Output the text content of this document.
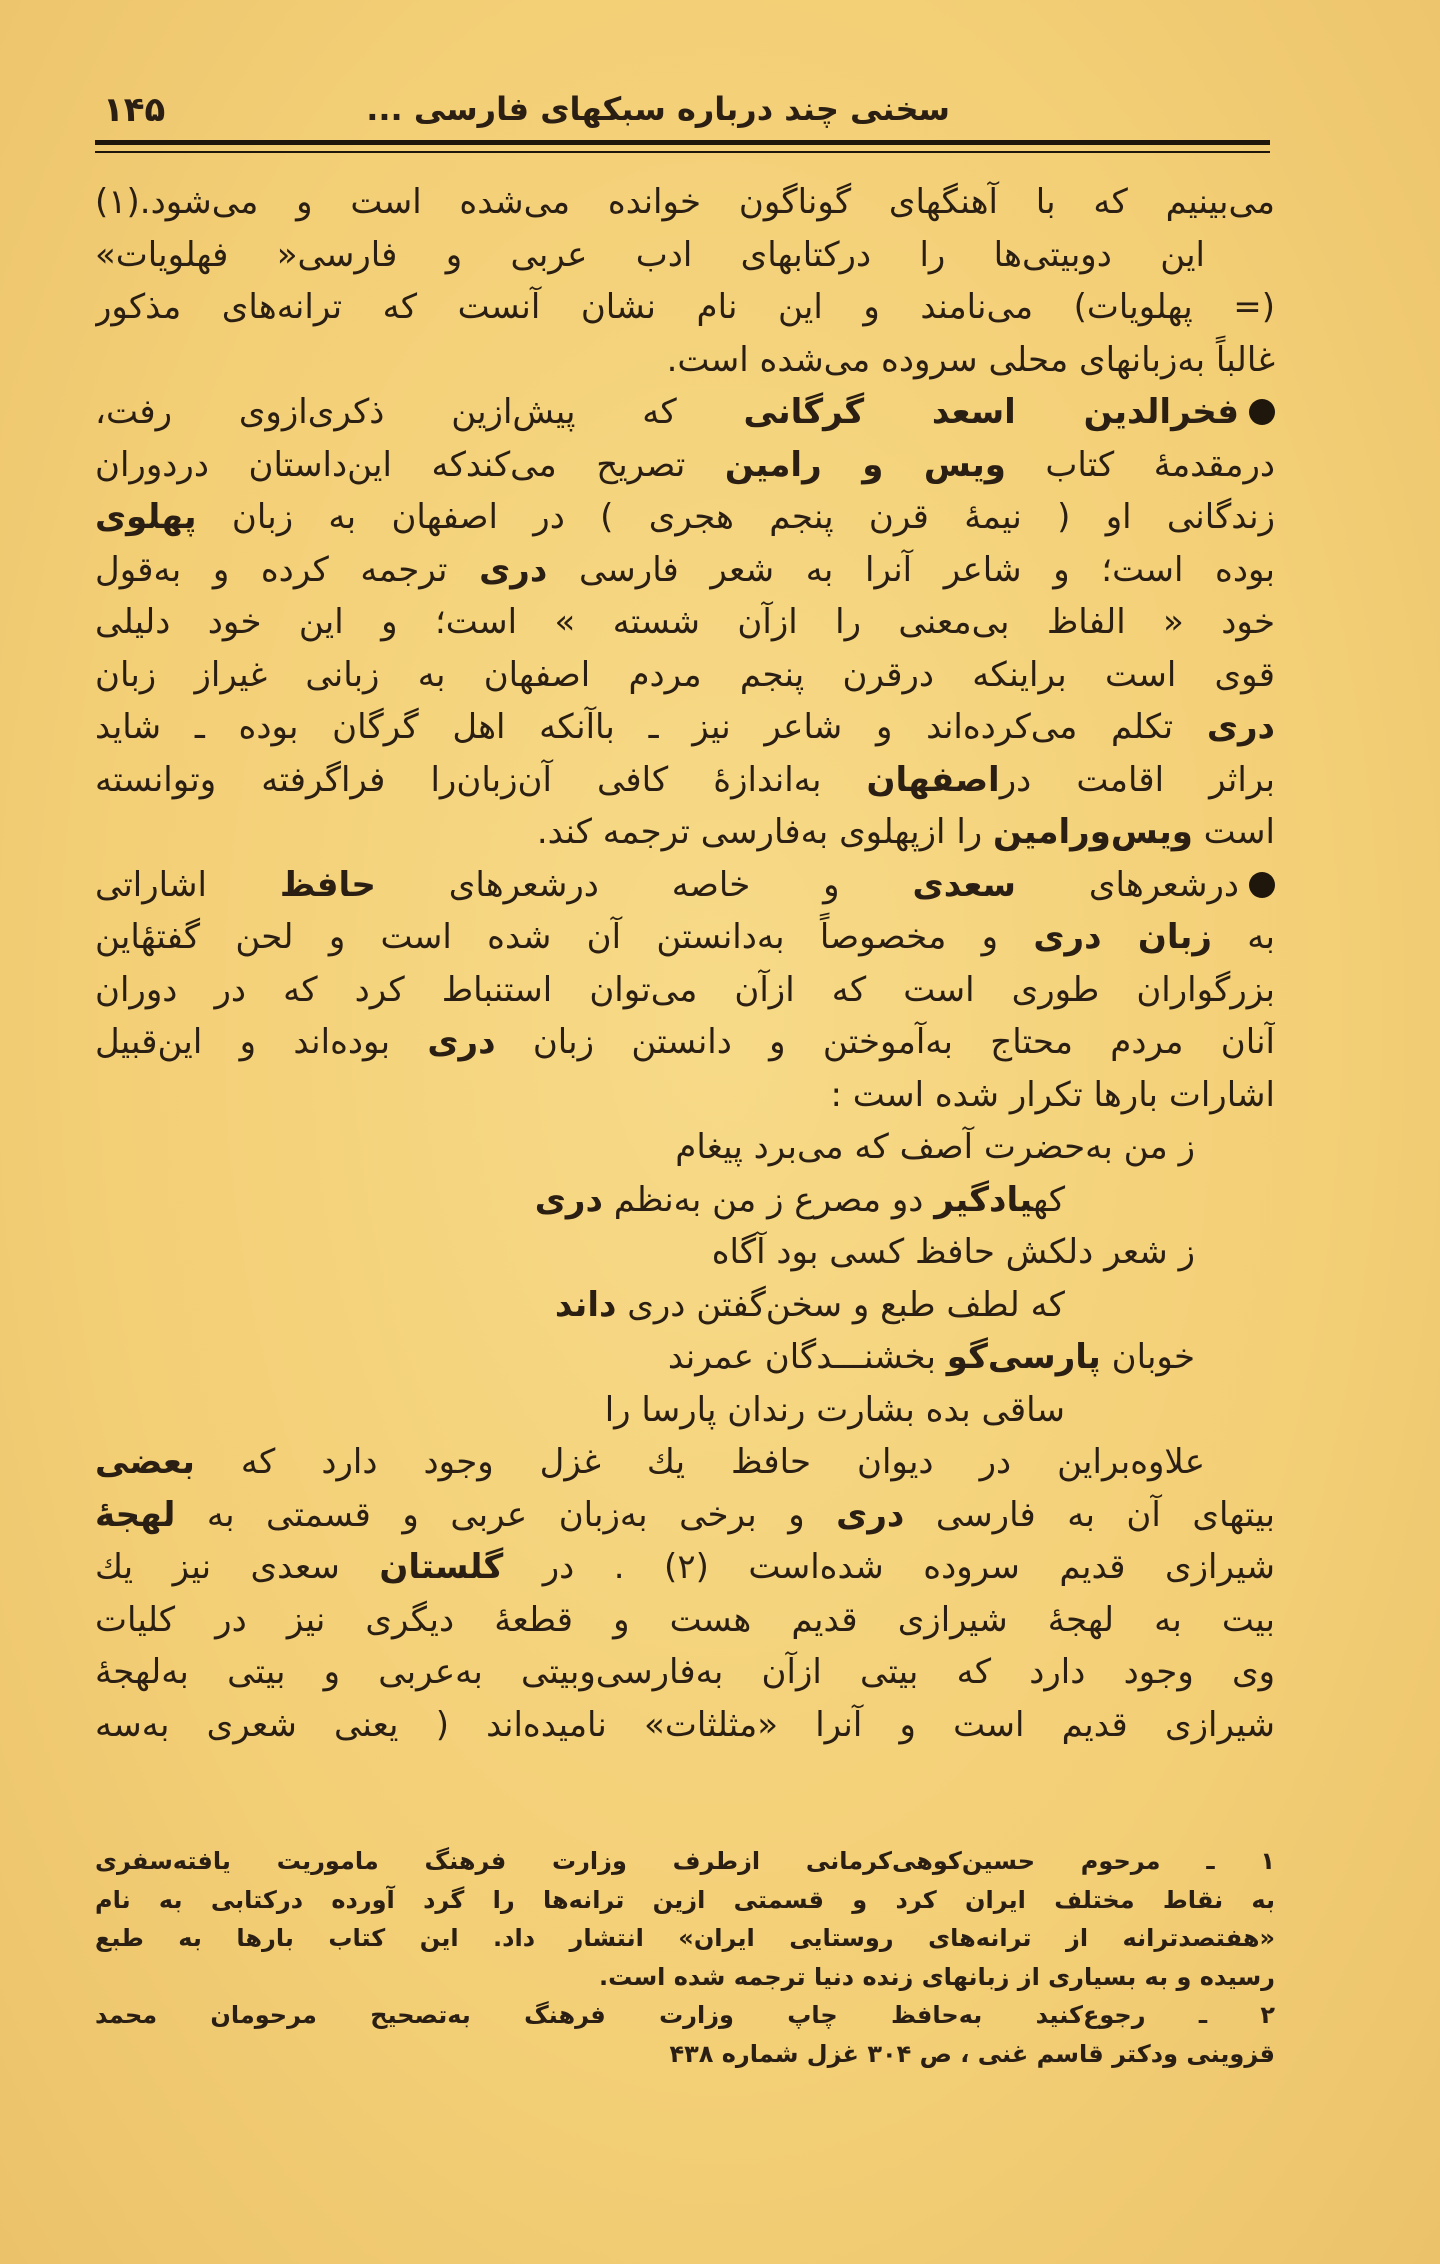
۱۴۵	سخنی چند درباره سبکهای فارسی ...
می‌بینیم که با آهنگهای گوناگون خوانده می‌شده است و می‌شود.(۱)
این دوبیتی‌ها را درکتابهای ادب عربی و فارسی« فهلویات»
(= پهلویات) می‌نامند و این نام نشان آنست که ترانه‌های مذکور
غالباً به‌زبانهای محلی سروده می‌شده است.
فخرالدین اسعد گرگانی که پیش‌ازین ذکری‌ازوی رفت،
درمقدمهٔ کتاب ویس و رامین تصریح می‌کندکه این‌داستان دردوران
زندگانی او ( نیمهٔ قرن پنجم هجری ) در اصفهان به زبان پهلوی
بوده است؛ و شاعر آنرا به شعر فارسی دری ترجمه کرده و به‌قول
خود « الفاظ بی‌معنی را ازآن شسته » است؛ و این خود دلیلی
قوی است براینکه درقرن پنجم مردم اصفهان به زبانی غیراز زبان
دری تکلم می‌کرده‌اند و شاعر نیز ـ باآنکه اهل گرگان بوده ـ شاید
براثر اقامت دراصفهان به‌اندازهٔ کافی آن‌زبان‌را فراگرفته وتوانسته
است ویس‌ورامین را ازپهلوی به‌فارسی ترجمه کند.
درشعرهای سعدی و خاصه درشعرهای حافظ اشاراتی
به زبان دری و مخصوصاً به‌دانستن آن شده است و لحن گفتهٔاین
بزرگواران طوری است که ازآن می‌توان استنباط کرد که در دوران
آنان مردم محتاج به‌آموختن و دانستن زبان دری بوده‌اند و این‌قبیل
اشارات بارها تکرار شده است :
ز من به‌حضرت آصف که می‌برد پیغام
کهیادگیر دو مصرع ز من به‌نظم دری
ز شعر دلکش حافظ کسی بود آگاه
که لطف طبع و سخن‌گفتن دری داند
خوبان پارسی‌گو بخشنـــدگان عمرند
ساقی بده بشارت رندان پارسا را
علاوه‌براین در دیوان حافظ یك غزل وجود دارد که بعضی
بیتهای آن به فارسی دری و برخی به‌زبان عربی و قسمتی به لهجهٔ
شیرازی قدیم سروده شده‌است (۲) . در گلستان سعدی نیز یك
بیت به لهجهٔ شیرازی قدیم هست و قطعهٔ دیگری نیز در کلیات
وی وجود دارد که بیتی ازآن به‌فارسی‌وبیتی به‌عربی و بیتی به‌لهجهٔ
شیرازی قدیم است و آنرا «مثلثات» نامیده‌اند ( یعنی شعری به‌سه
۱ ـ مرحوم حسین‌کوهی‌کرمانی ازطرف وزارت فرهنگ ماموریت یافته‌سفری
به نقاط مختلف ایران کرد و قسمتی ازین ترانه‌ها را گرد آورده درکتابی به نام
«هفتصدترانه از ترانه‌های روستایی ایران» انتشار داد. این کتاب بارها به طبع
رسیده و به بسیاری از زبانهای زنده دنیا ترجمه شده است.
۲ ـ رجوع‌کنید به‌حافظ چاپ وزارت فرهنگ به‌تصحیح مرحومان محمد
قزوینی ودکتر قاسم غنی ، ص ۳۰۴ غزل شماره ۴۳۸
